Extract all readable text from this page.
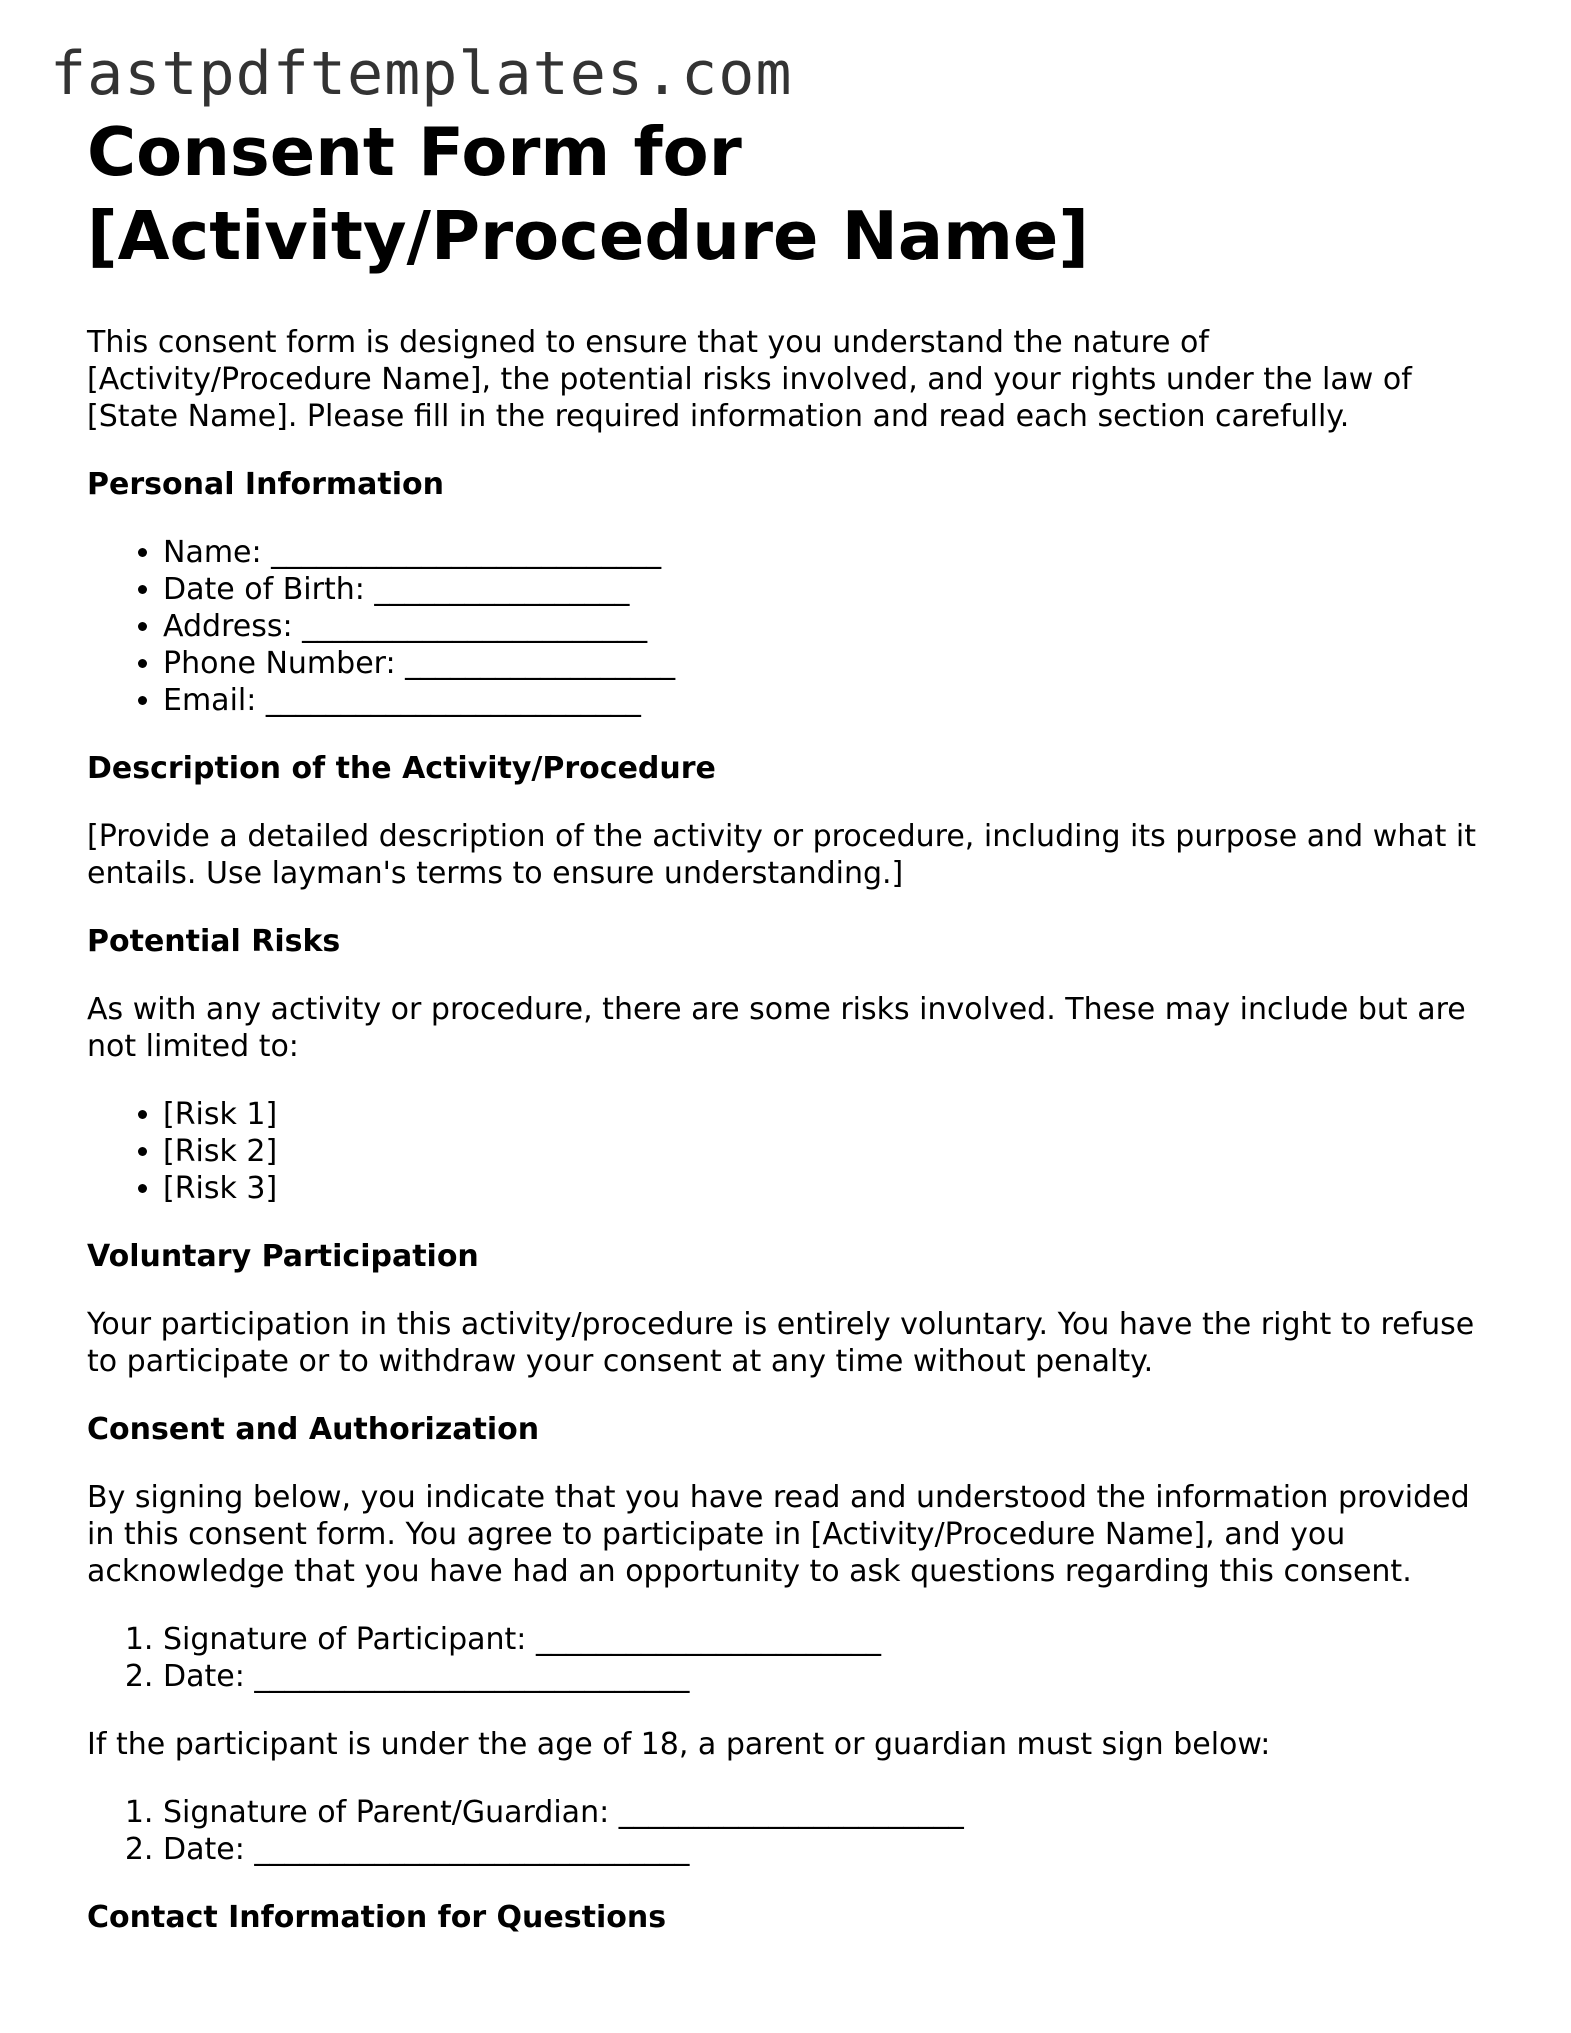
fastpdftemplates.com
Consent Form for [Activity/Procedure Name]

This consent form is designed to ensure that you understand the nature of [Activity/Procedure Name], the potential risks involved, and your rights under the law of [State Name]. Please fill in the required information and read each section carefully.

Personal Information
• Name: __________________________
• Date of Birth: _________________
• Address: _______________________
• Phone Number: __________________
• Email: _________________________
Description of the Activity/Procedure

[Provide a detailed description of the activity or procedure, including its purpose and what it entails. Use layman's terms to ensure understanding.]

Potential Risks

As with any activity or procedure, there are some risks involved. These may include but are not limited to:

• [Risk 1]
• [Risk 2]
• [Risk 3]
Voluntary Participation

Your participation in this activity/procedure is entirely voluntary. You have the right to refuse to participate or to withdraw your consent at any time without penalty.

Consent and Authorization

By signing below, you indicate that you have read and understood the information provided in this consent form. You agree to participate in [Activity/Procedure Name], and you acknowledge that you have had an opportunity to ask questions regarding this consent.

1. Signature of Participant: _______________________
2. Date: _____________________________

If the participant is under the age of 18, a parent or guardian must sign below:

1. Signature of Parent/Guardian: _______________________
2. Date: _____________________________
Contact Information for Questions
